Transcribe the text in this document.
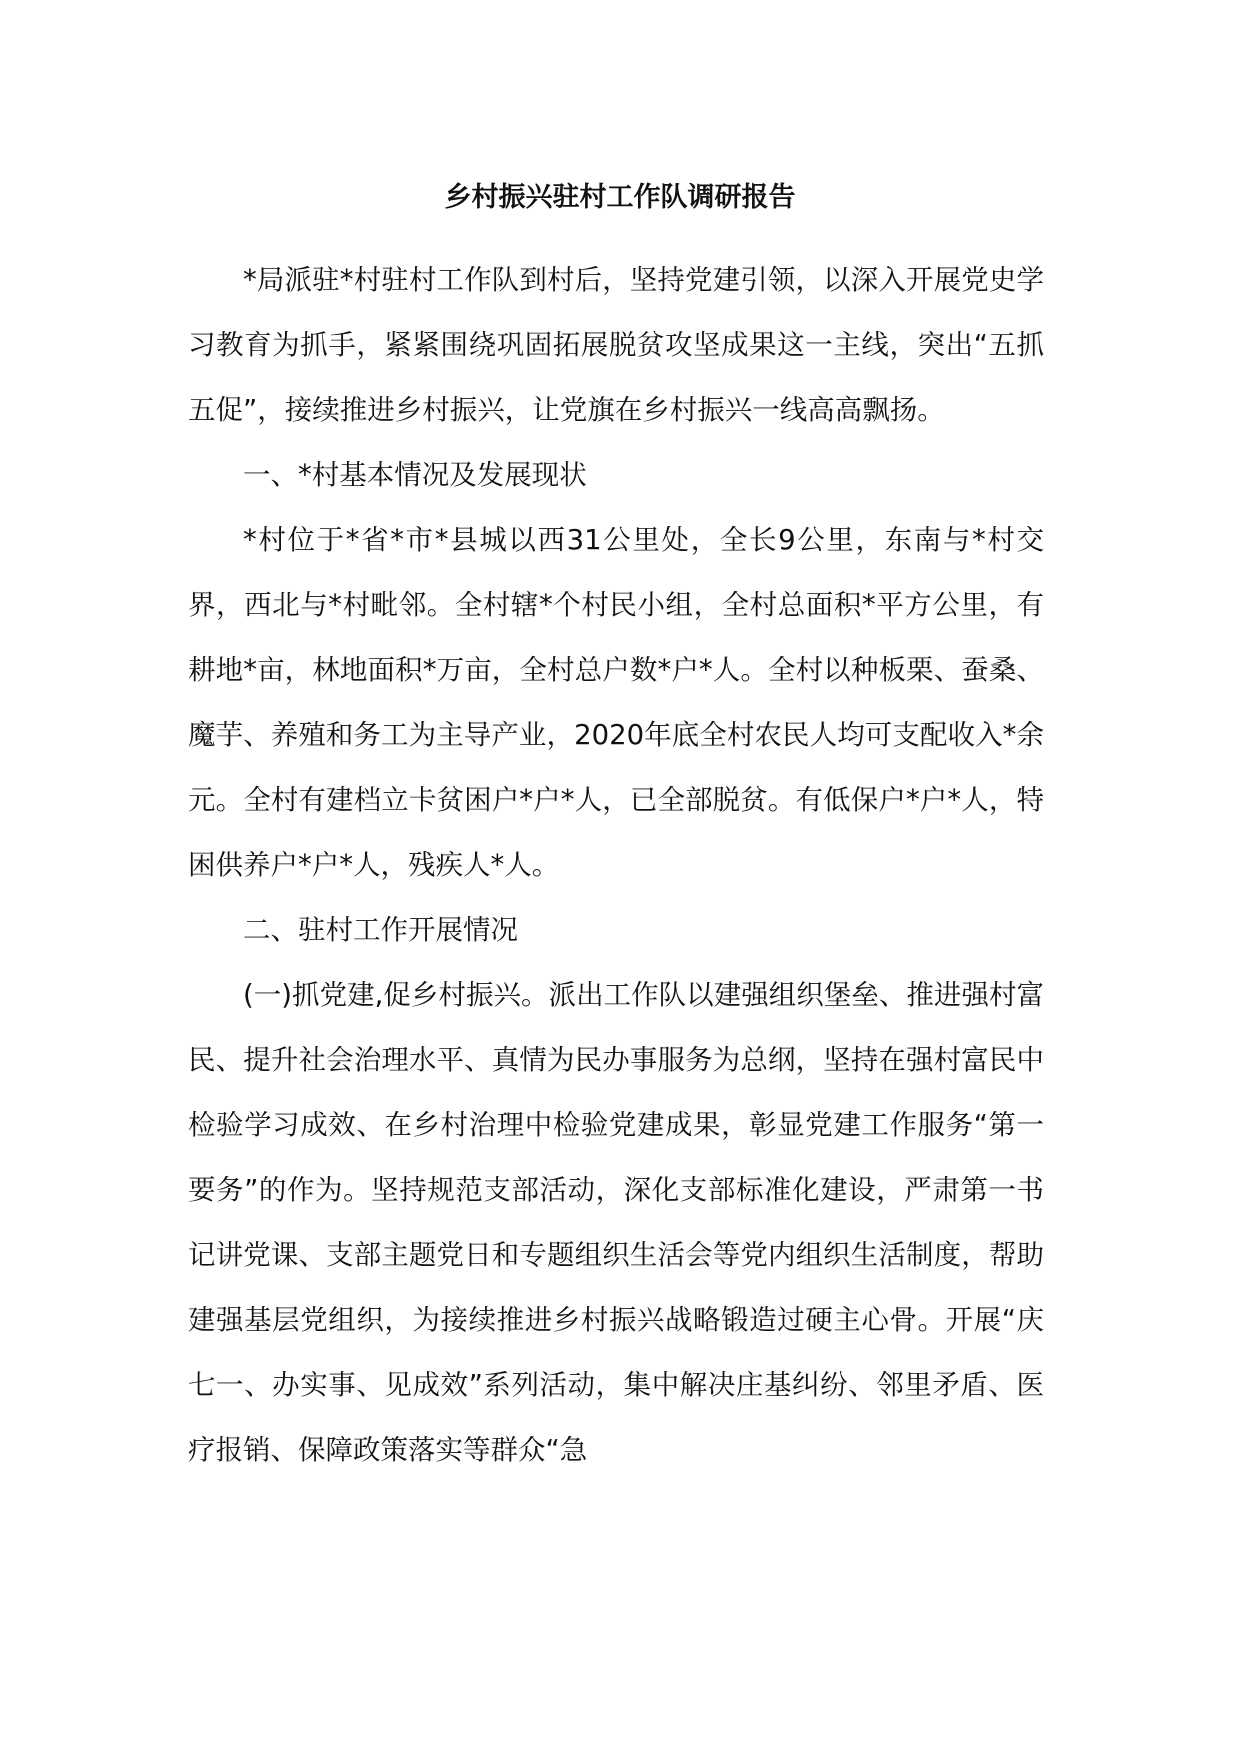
乡村振兴驻村工作队调研报告

*局派驻*村驻村工作队到村后，坚持党建引领，以深入开展党史学习教育为抓手，紧紧围绕巩固拓展脱贫攻坚成果这一主线，突出“五抓五促”，接续推进乡村振兴，让党旗在乡村振兴一线高高飘扬。

一、*村基本情况及发展现状

*村位于*省*市*县城以西31公里处，全长9公里，东南与*村交界，西北与*村毗邻。全村辖*个村民小组，全村总面积*平方公里，有耕地*亩，林地面积*万亩，全村总户数*户*人。全村以种板栗、蚕桑、魔芋、养殖和务工为主导产业，2020年底全村农民人均可支配收入*余元。全村有建档立卡贫困户*户*人，已全部脱贫。有低保户*户*人，特困供养户*户*人，残疾人*人。

二、驻村工作开展情况

(一)抓党建,促乡村振兴。派出工作队以建强组织堡垒、推进强村富民、提升社会治理水平、真情为民办事服务为总纲，坚持在强村富民中检验学习成效、在乡村治理中检验党建成果，彰显党建工作服务“第一要务”的作为。坚持规范支部活动，深化支部标准化建设，严肃第一书记讲党课、支部主题党日和专题组织生活会等党内组织生活制度，帮助建强基层党组织，为接续推进乡村振兴战略锻造过硬主心骨。开展“庆七一、办实事、见成效”系列活动，集中解决庄基纠纷、邻里矛盾、医疗报销、保障政策落实等群众“急
